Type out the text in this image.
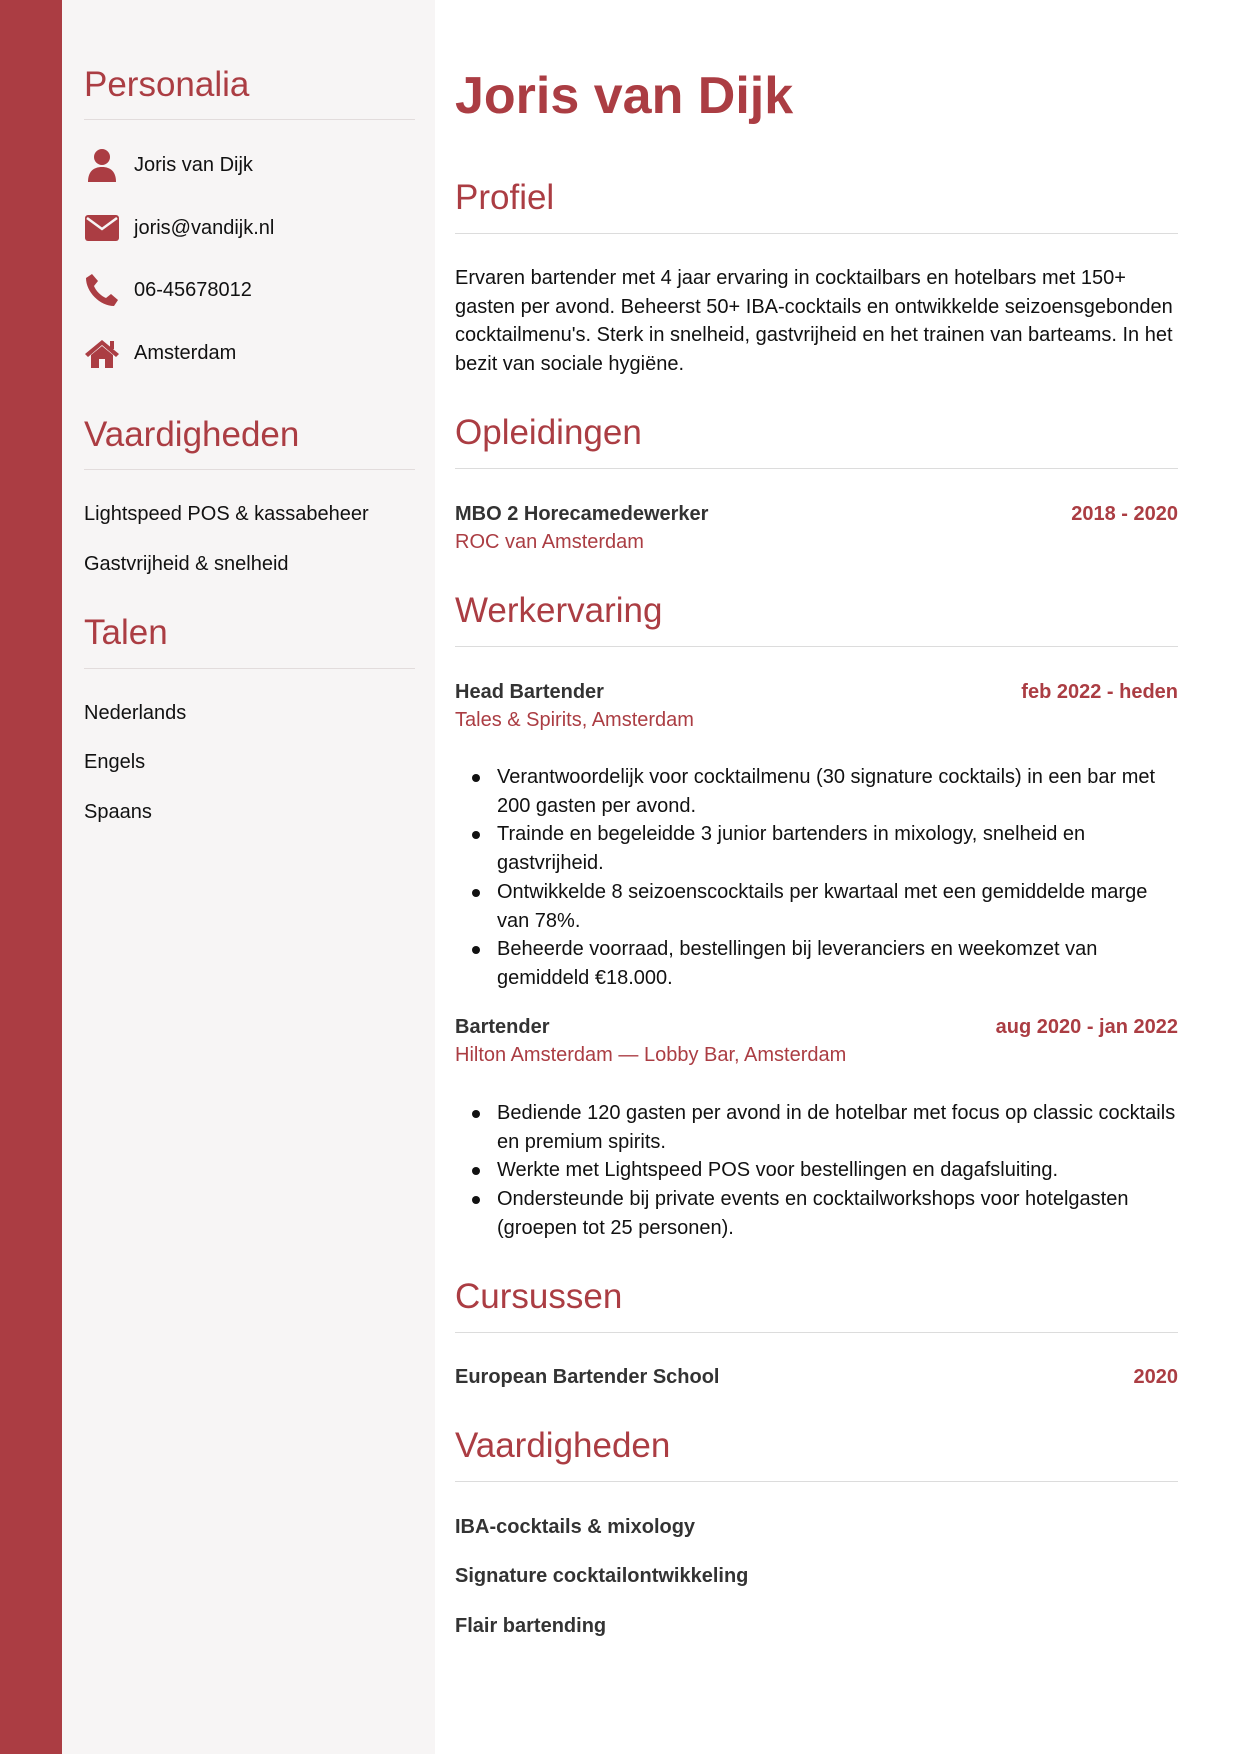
Personalia
Joris van Dijk
joris@vandijk.nl
06-45678012
Amsterdam
Vaardigheden
Lightspeed POS & kassabeheer
Gastvrijheid & snelheid
Talen
Nederlands
Engels
Spaans
Joris van Dijk
Profiel

Ervaren bartender met 4 jaar ervaring in cocktailbars en hotelbars met 150+ gasten per avond. Beheerst 50+ IBA-cocktails en ontwikkelde seizoensgebonden cocktailmenu's. Sterk in snelheid, gastvrijheid en het trainen van barteams. In het bezit van sociale hygiëne.

Opleidingen
MBO 2 Horecamedewerker	2018 - 2020
ROC van Amsterdam
Werkervaring
Head Bartender	feb 2022 - heden
Tales & Spirits, Amsterdam
Verantwoordelijk voor cocktailmenu (30 signature cocktails) in een bar met 200 gasten per avond.
Trainde en begeleidde 3 junior bartenders in mixology, snelheid en gastvrijheid.
Ontwikkelde 8 seizoenscocktails per kwartaal met een gemiddelde marge van 78%.
Beheerde voorraad, bestellingen bij leveranciers en weekomzet van gemiddeld €18.000.
Bartender	aug 2020 - jan 2022
Hilton Amsterdam — Lobby Bar, Amsterdam
Bediende 120 gasten per avond in de hotelbar met focus op classic cocktails en premium spirits.
Werkte met Lightspeed POS voor bestellingen en dagafsluiting.
Ondersteunde bij private events en cocktailworkshops voor hotelgasten (groepen tot 25 personen).
Cursussen
European Bartender School	2020
Vaardigheden
IBA-cocktails & mixology
Signature cocktailontwikkeling
Flair bartending
